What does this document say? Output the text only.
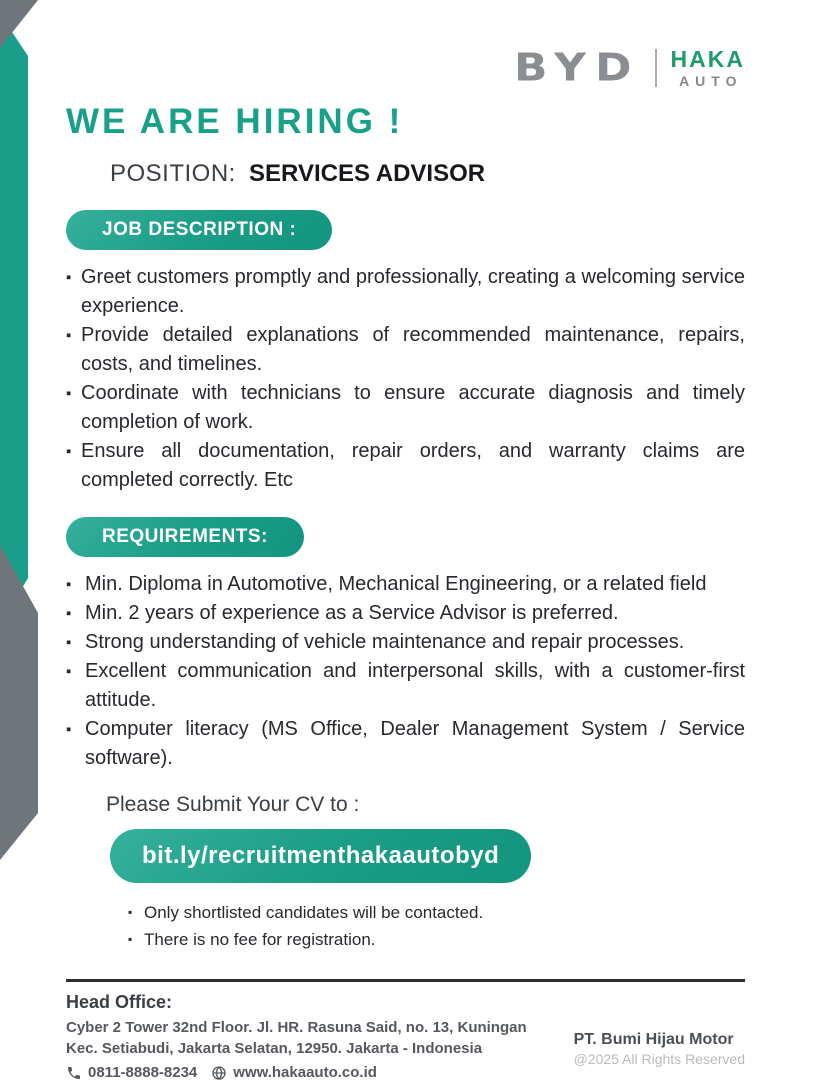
BYD HAKA
AUTO
WE ARE HIRING !
POSITION: SERVICES ADVISOR
JOB DESCRIPTION :
▪ Greet customers promptly and professionally, creating a welcoming service experience.
▪ Provide detailed explanations of recommended maintenance, repairs, costs, and timelines.
▪ Coordinate with technicians to ensure accurate diagnosis and timely completion of work.
▪ Ensure all documentation, repair orders, and warranty claims are completed correctly. Etc
REQUIREMENTS:
▪ Min. Diploma in Automotive, Mechanical Engineering, or a related field
▪ Min. 2 years of experience as a Service Advisor is preferred.
▪ Strong understanding of vehicle maintenance and repair processes.
▪ Excellent communication and interpersonal skills, with a customer-first attitude.
▪ Computer literacy (MS Office, Dealer Management System / Service software).
Please Submit Your CV to :
bit.ly/recruitmenthakaautobyd
▪ Only shortlisted candidates will be contacted.
▪ There is no fee for registration.
Head Office:
Cyber 2 Tower 32nd Floor. Jl. HR. Rasuna Said, no. 13, Kuningan
Kec. Setiabudi, Jakarta Selatan, 12950. Jakarta - Indonesia
0811-8888-8234 www.hakaauto.co.id
PT. Bumi Hijau Motor
@2025 All Rights Reserved
